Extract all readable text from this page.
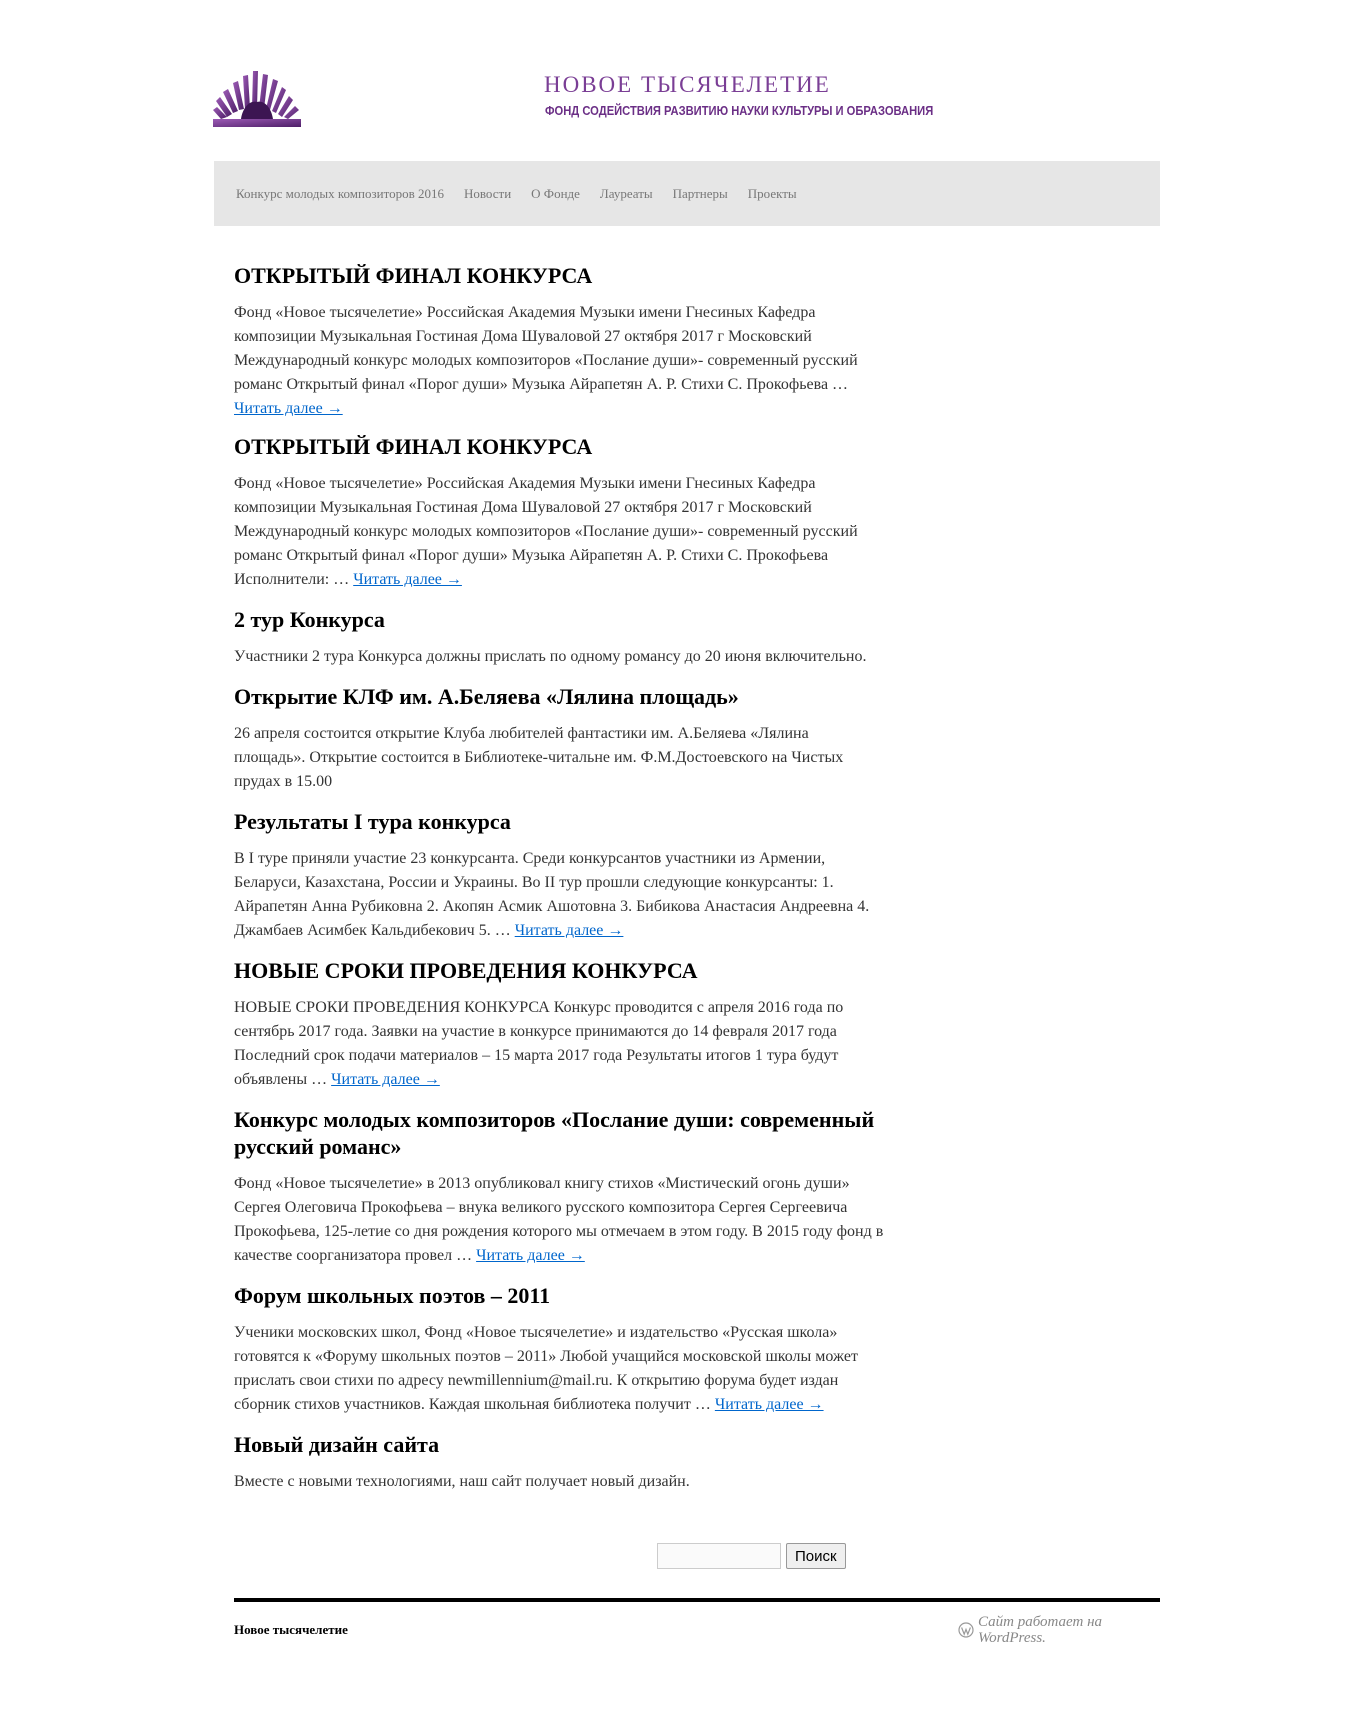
НОВОЕ ТЫСЯЧЕЛЕТИЕ
ФОНД СОДЕЙСТВИЯ РАЗВИТИЮ НАУКИ КУЛЬТУРЫ И ОБРАЗОВАНИЯ
Конкурс молодых композиторов 2016 Новости О Фонде Лауреаты Партнеры Проекты
ОТКРЫТЫЙ ФИНАЛ КОНКУРСА

Фонд «Новое тысячелетие» Российская Академия Музыки имени Гнесиных Кафедра композиции Музыкальная Гостиная Дома Шуваловой 27 октября 2017 г Московский Международный конкурс молодых композиторов «Послание души»- современный русский романс Открытый финал «Порог души» Музыка Айрапетян А. Р. Стихи С. Прокофьева …
Читать далее →

ОТКРЫТЫЙ ФИНАЛ КОНКУРСА

Фонд «Новое тысячелетие» Российская Академия Музыки имени Гнесиных Кафедра композиции Музыкальная Гостиная Дома Шуваловой 27 октября 2017 г Московский Международный конкурс молодых композиторов «Послание души»- современный русский романс Открытый финал «Порог души» Музыка Айрапетян А. Р. Стихи С. Прокофьева Исполнители: … Читать далее →

2 тур Конкурса

Участники 2 тура Конкурса должны прислать по одному романсу до 20 июня включительно.

Открытие КЛФ им. А.Беляева «Лялина площадь»

26 апреля состоится открытие Клуба любителей фантастики им. А.Беляева «Лялина площадь». Открытие состоится в Библиотеке-читальне им. Ф.М.Достоевского на Чистых прудах в 15.00

Результаты I тура конкурса

В I туре приняли участие 23 конкурсанта. Среди конкурсантов участники из Армении, Беларуси, Казахстана, России и Украины. Во II тур прошли следующие конкурсанты: 1. Айрапетян Анна Рубиковна 2. Акопян Асмик Ашотовна 3. Бибикова Анастасия Андреевна 4. Джамбаев Асимбек Кальдибекович 5. … Читать далее →

НОВЫЕ СРОКИ ПРОВЕДЕНИЯ КОНКУРСА

НОВЫЕ СРОКИ ПРОВЕДЕНИЯ КОНКУРСА Конкурс проводится с апреля 2016 года по сентябрь 2017 года. Заявки на участие в конкурсе принимаются до 14 февраля 2017 года Последний срок подачи материалов – 15 марта 2017 года Результаты итогов 1 тура будут объявлены … Читать далее →

Конкурс молодых композиторов «Послание души: современный русский романс»

Фонд «Новое тысячелетие» в 2013 опубликовал книгу стихов «Мистический огонь души» Сергея Олеговича Прокофьева – внука великого русского композитора Сергея Сергеевича Прокофьева, 125-летие со дня рождения которого мы отмечаем в этом году. В 2015 году фонд в качестве соорганизатора провел … Читать далее →

Форум школьных поэтов – 2011

Ученики московских школ, Фонд «Новое тысячелетие» и издательство «Русская школа» готовятся к «Форуму школьных поэтов – 2011» Любой учащийся московской школы может прислать свои стихи по адресу newmillennium@mail.ru. К открытию форума будет издан сборник стихов участников. Каждая школьная библиотека получит … Читать далее →

Новый дизайн сайта

Вместе с новыми технологиями, наш сайт получает новый дизайн.

Поиск
Новое тысячелетие	Сайт работает на WordPress.
